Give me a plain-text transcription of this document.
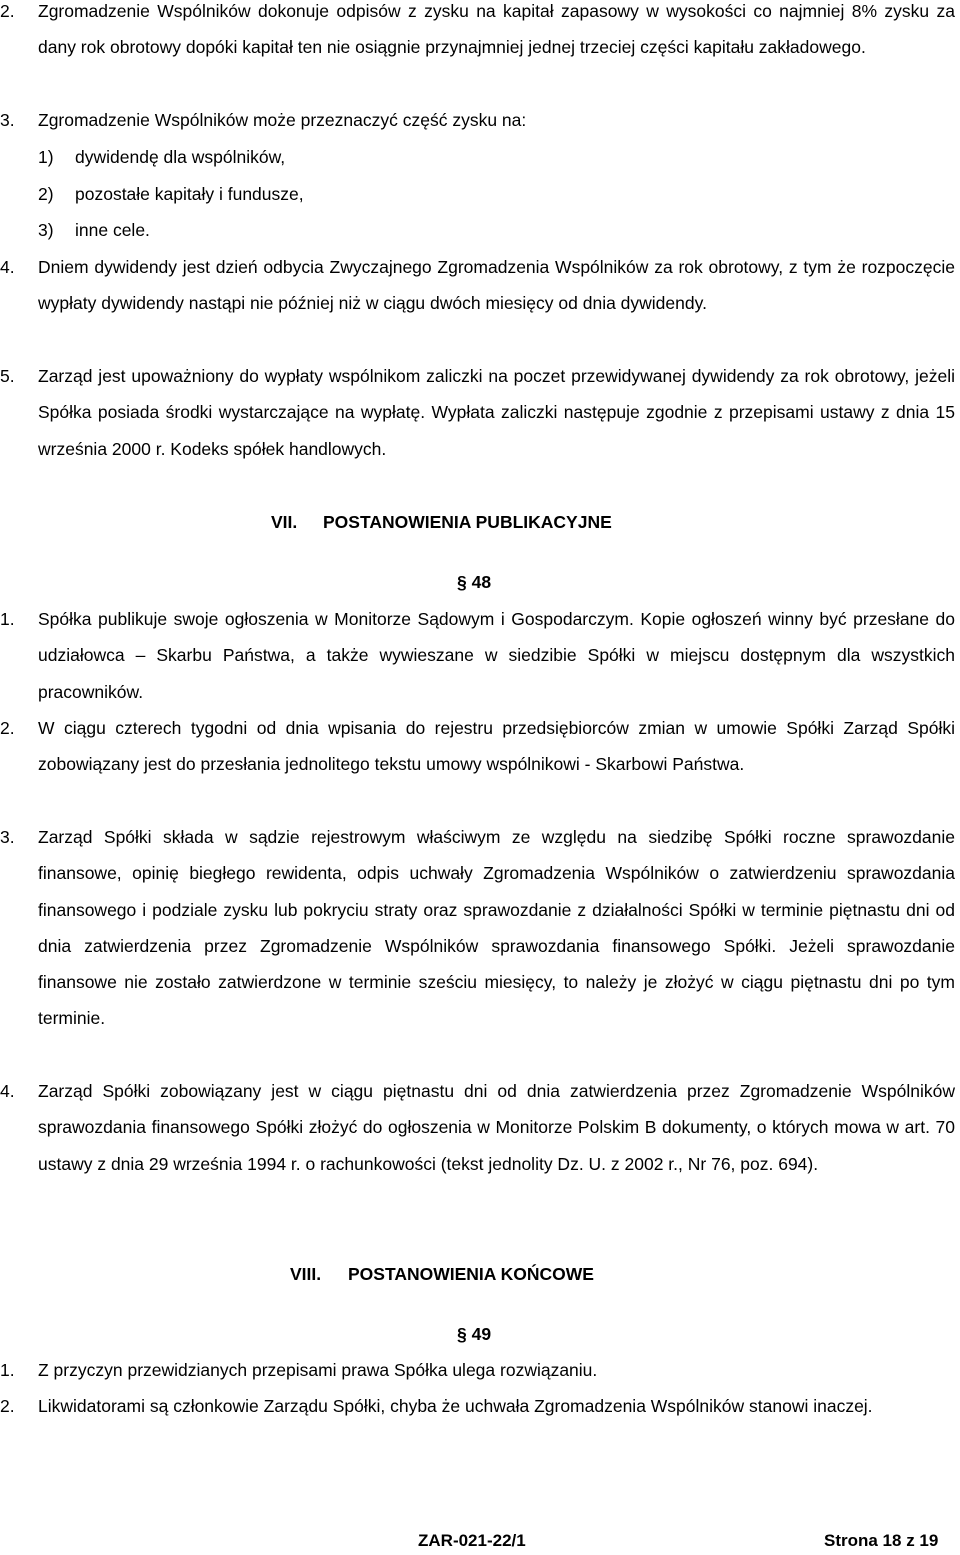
2. Zgromadzenie Wspólników dokonuje odpisów z zysku na kapitał zapasowy w wysokości co najmniej 8% zysku za dany rok obrotowy dopóki kapitał ten nie osiągnie przynajmniej jednej trzeciej części kapitału zakładowego.
3. Zgromadzenie Wspólników może przeznaczyć część zysku na:
1) dywidendę dla wspólników,
2) pozostałe kapitały i fundusze,
3) inne cele.
4. Dniem dywidendy jest dzień odbycia Zwyczajnego Zgromadzenia Wspólników za rok obrotowy, z tym że rozpoczęcie wypłaty dywidendy nastąpi nie później niż w ciągu dwóch miesięcy od dnia dywidendy.
5. Zarząd jest upoważniony do wypłaty wspólnikom zaliczki na poczet przewidywanej dywidendy za rok obrotowy, jeżeli Spółka posiada środki wystarczające na wypłatę. Wypłata zaliczki następuje zgodnie z przepisami ustawy z dnia 15 września 2000 r. Kodeks spółek handlowych.
VII. POSTANOWIENIA PUBLIKACYJNE
§ 48
1. Spółka publikuje swoje ogłoszenia w Monitorze Sądowym i Gospodarczym. Kopie ogłoszeń winny być przesłane do udziałowca – Skarbu Państwa, a także wywieszane w siedzibie Spółki w miejscu dostępnym dla wszystkich pracowników.
2. W ciągu czterech tygodni od dnia wpisania do rejestru przedsiębiorców zmian w umowie Spółki Zarząd Spółki zobowiązany jest do przesłania jednolitego tekstu umowy wspólnikowi - Skarbowi Państwa.
3. Zarząd Spółki składa w sądzie rejestrowym właściwym ze względu na siedzibę Spółki roczne sprawozdanie finansowe, opinię biegłego rewidenta, odpis uchwały Zgromadzenia Wspólników o zatwierdzeniu sprawozdania finansowego i podziale zysku lub pokryciu straty oraz sprawozdanie z działalności Spółki w terminie piętnastu dni od dnia zatwierdzenia przez Zgromadzenie Wspólników sprawozdania finansowego Spółki. Jeżeli sprawozdanie finansowe nie zostało zatwierdzone w terminie sześciu miesięcy, to należy je złożyć w ciągu piętnastu dni po tym terminie.
4. Zarząd Spółki zobowiązany jest w ciągu piętnastu dni od dnia zatwierdzenia przez Zgromadzenie Wspólników sprawozdania finansowego Spółki złożyć do ogłoszenia w Monitorze Polskim B dokumenty, o których mowa w art. 70 ustawy z dnia 29 września 1994 r. o rachunkowości (tekst jednolity Dz. U. z 2002 r., Nr 76, poz. 694).
VIII. POSTANOWIENIA KOŃCOWE
§ 49
1. Z przyczyn przewidzianych przepisami prawa Spółka ulega rozwiązaniu.
2. Likwidatorami są członkowie Zarządu Spółki, chyba że uchwała Zgromadzenia Wspólników stanowi inaczej.
ZAR-021-22/1	Strona 18 z 19
